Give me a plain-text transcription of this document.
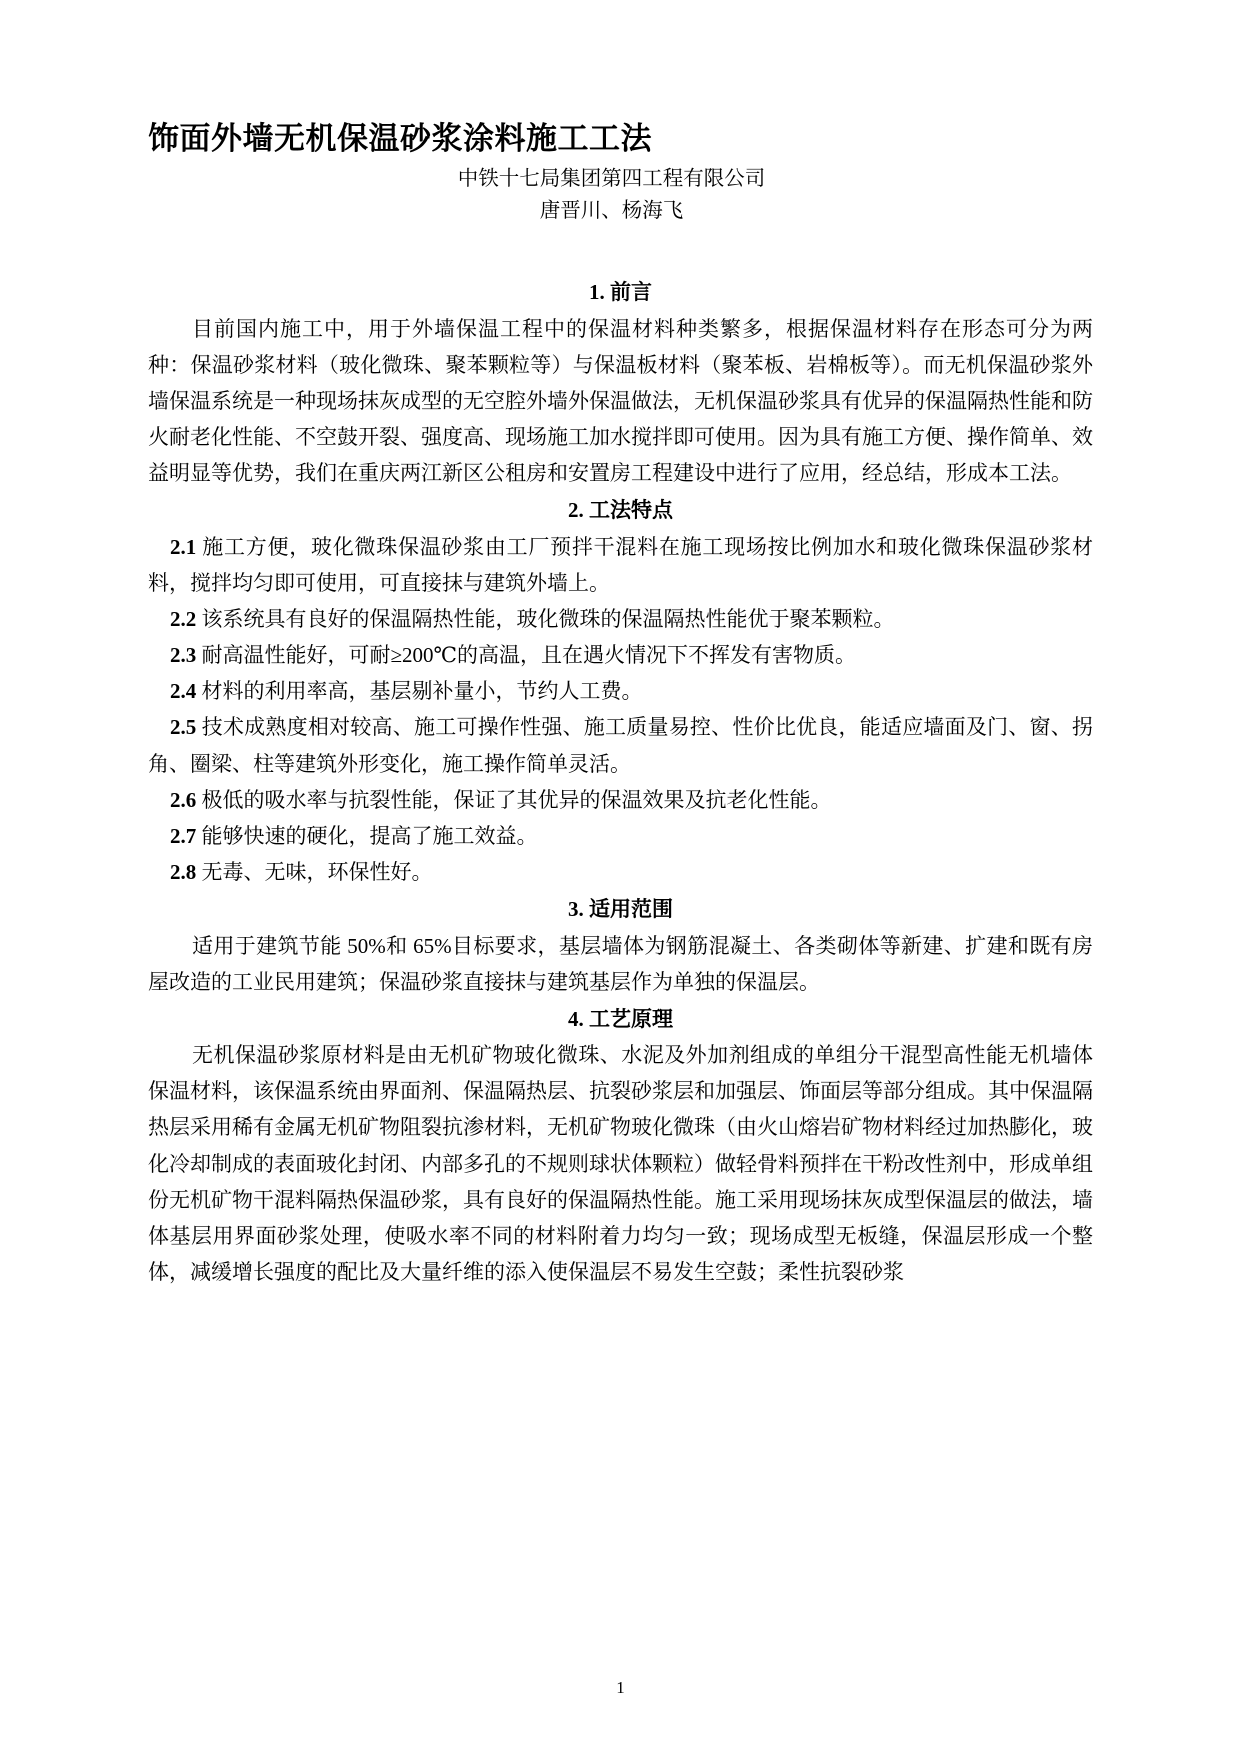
饰面外墙无机保温砂浆涂料施工工法
中铁十七局集团第四工程有限公司
唐晋川、杨海飞
1. 前言

目前国内施工中，用于外墙保温工程中的保温材料种类繁多，根据保温材料存在形态可分为两种：保温砂浆材料（玻化微珠、聚苯颗粒等）与保温板材料（聚苯板、岩棉板等）。而无机保温砂浆外墙保温系统是一种现场抹灰成型的无空腔外墙外保温做法，无机保温砂浆具有优异的保温隔热性能和防火耐老化性能、不空鼓开裂、强度高、现场施工加水搅拌即可使用。因为具有施工方便、操作简单、效益明显等优势，我们在重庆两江新区公租房和安置房工程建设中进行了应用，经总结，形成本工法。

2. 工法特点

2.1 施工方便，玻化微珠保温砂浆由工厂预拌干混料在施工现场按比例加水和玻化微珠保温砂浆材料，搅拌均匀即可使用，可直接抹与建筑外墙上。

2.2 该系统具有良好的保温隔热性能，玻化微珠的保温隔热性能优于聚苯颗粒。

2.3 耐高温性能好，可耐≥200℃的高温，且在遇火情况下不挥发有害物质。

2.4 材料的利用率高，基层剔补量小，节约人工费。

2.5 技术成熟度相对较高、施工可操作性强、施工质量易控、性价比优良，能适应墙面及门、窗、拐角、圈梁、柱等建筑外形变化，施工操作简单灵活。

2.6 极低的吸水率与抗裂性能，保证了其优异的保温效果及抗老化性能。

2.7 能够快速的硬化，提高了施工效益。

2.8 无毒、无味，环保性好。

3. 适用范围

适用于建筑节能 50%和 65%目标要求，基层墙体为钢筋混凝土、各类砌体等新建、扩建和既有房屋改造的工业民用建筑；保温砂浆直接抹与建筑基层作为单独的保温层。

4. 工艺原理

无机保温砂浆原材料是由无机矿物玻化微珠、水泥及外加剂组成的单组分干混型高性能无机墙体保温材料，该保温系统由界面剂、保温隔热层、抗裂砂浆层和加强层、饰面层等部分组成。其中保温隔热层采用稀有金属无机矿物阻裂抗渗材料，无机矿物玻化微珠（由火山熔岩矿物材料经过加热膨化，玻化冷却制成的表面玻化封闭、内部多孔的不规则球状体颗粒）做轻骨料预拌在干粉改性剂中，形成单组份无机矿物干混料隔热保温砂浆，具有良好的保温隔热性能。施工采用现场抹灰成型保温层的做法，墙体基层用界面砂浆处理，使吸水率不同的材料附着力均匀一致；现场成型无板缝，保温层形成一个整体，减缓增长强度的配比及大量纤维的添入使保温层不易发生空鼓；柔性抗裂砂浆

1
